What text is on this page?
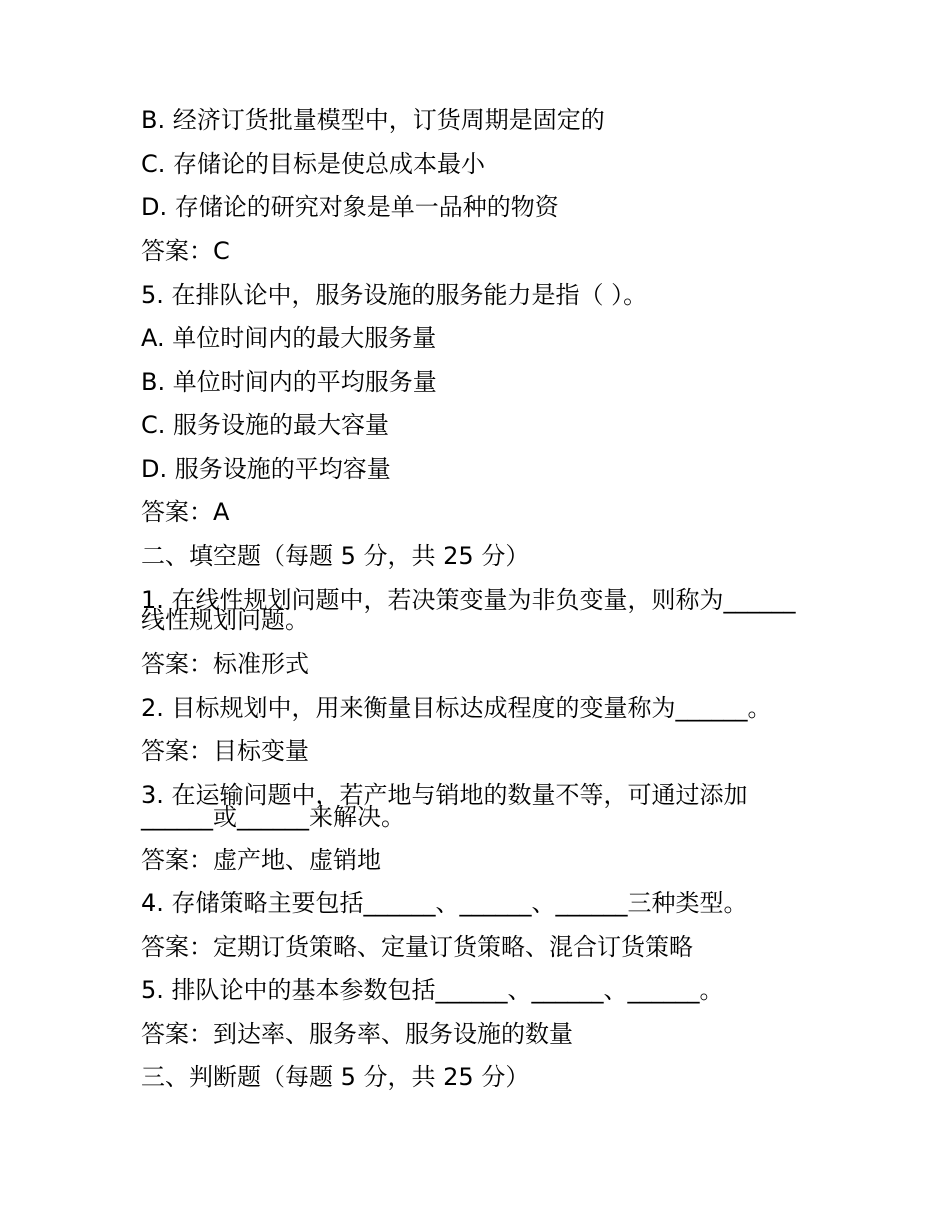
B. 经济订货批量模型中，订货周期是固定的
C. 存储论的目标是使总成本最小
D. 存储论的研究对象是单一品种的物资
答案：C
5. 在排队论中，服务设施的服务能力是指（ ）。
A. 单位时间内的最大服务量
B. 单位时间内的平均服务量
C. 服务设施的最大容量
D. 服务设施的平均容量
答案：A
二、填空题（每题 5 分，共 25 分）
1. 在线性规划问题中，若决策变量为非负变量，则称为______
线性规划问题。
答案：标准形式
2. 目标规划中，用来衡量目标达成程度的变量称为______。
答案：目标变量
3. 在运输问题中，若产地与销地的数量不等，可通过添加
______或______来解决。
答案：虚产地、虚销地
4. 存储策略主要包括______、______、______三种类型。
答案：定期订货策略、定量订货策略、混合订货策略
5. 排队论中的基本参数包括______、______、______。
答案：到达率、服务率、服务设施的数量
三、判断题（每题 5 分，共 25 分）
